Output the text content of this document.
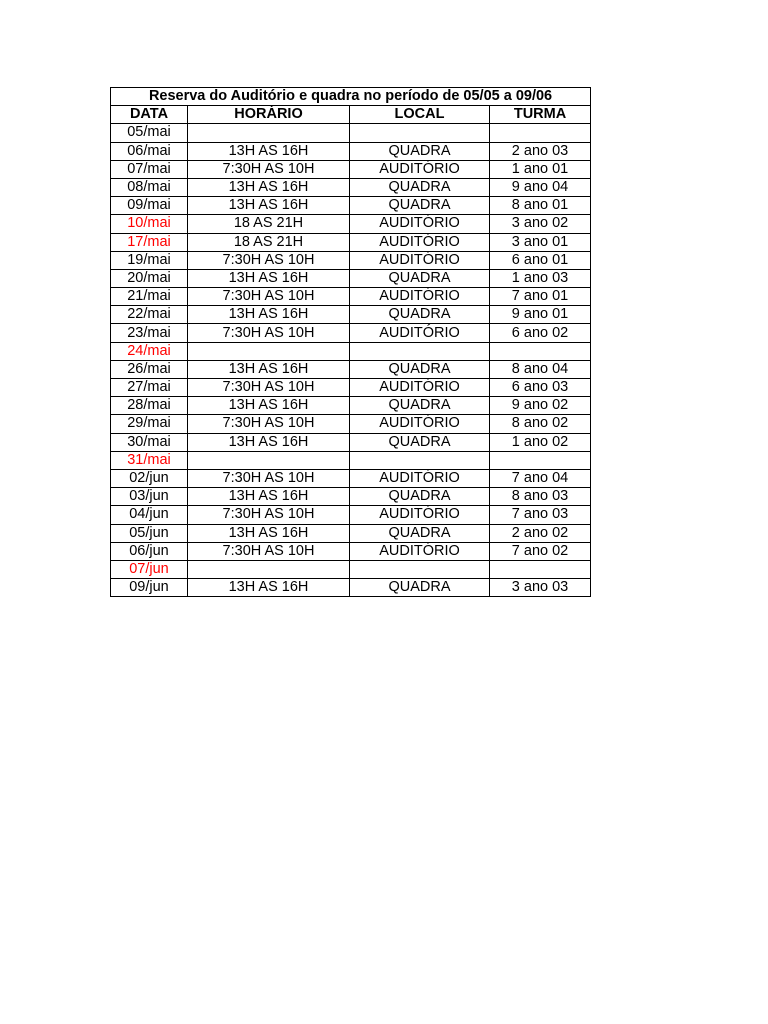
Reserva do Auditório e quadra no período de 05/05 a 09/06			
DATA	HORÁRIO	LOCAL	TURMA
05/mai			
06/mai	13H AS 16H	QUADRA	2 ano 03
07/mai	7:30H AS 10H	AUDITÓRIO	1 ano 01
08/mai	13H AS 16H	QUADRA	9 ano 04
09/mai	13H AS 16H	QUADRA	8 ano 01
10/mai	18 AS 21H	AUDITÓRIO	3 ano 02
17/mai	18 AS 21H	AUDITÓRIO	3 ano 01
19/mai	7:30H AS 10H	AUDITÓRIO	6 ano 01
20/mai	13H AS 16H	QUADRA	1 ano 03
21/mai	7:30H AS 10H	AUDITÓRIO	7 ano 01
22/mai	13H AS 16H	QUADRA	9 ano 01
23/mai	7:30H AS 10H	AUDITÓRIO	6 ano 02
24/mai			
26/mai	13H AS 16H	QUADRA	8 ano 04
27/mai	7:30H AS 10H	AUDITÓRIO	6 ano 03
28/mai	13H AS 16H	QUADRA	9 ano 02
29/mai	7:30H AS 10H	AUDITÓRIO	8 ano 02
30/mai	13H AS 16H	QUADRA	1 ano 02
31/mai			
02/jun	7:30H AS 10H	AUDITÓRIO	7 ano 04
03/jun	13H AS 16H	QUADRA	8 ano 03
04/jun	7:30H AS 10H	AUDITÓRIO	7 ano 03
05/jun	13H AS 16H	QUADRA	2 ano 02
06/jun	7:30H AS 10H	AUDITÓRIO	7 ano 02
07/jun			
09/jun	13H AS 16H	QUADRA	3 ano 03
